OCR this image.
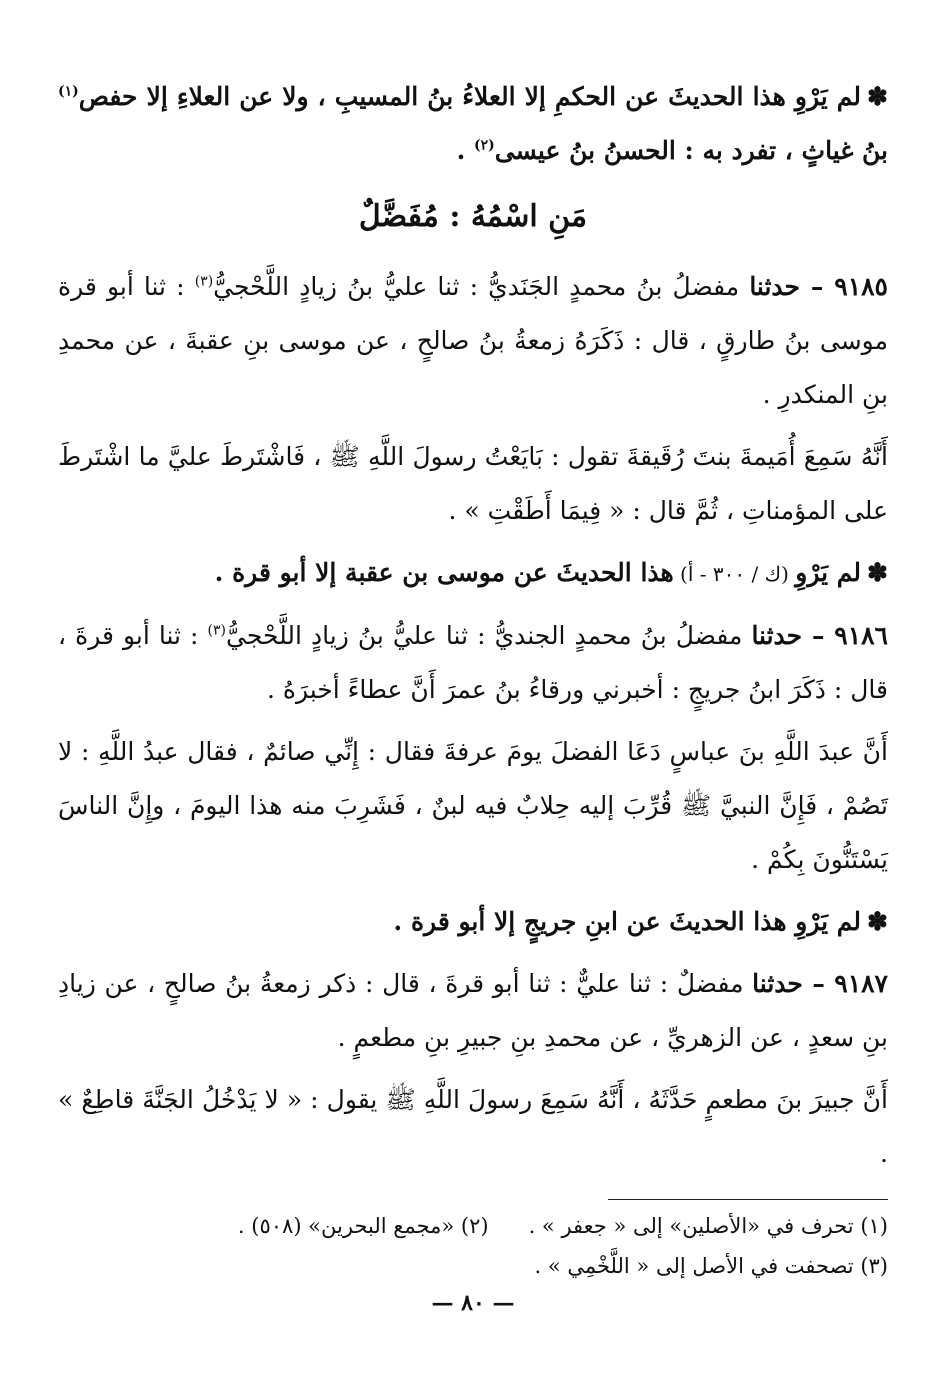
✽لم يَرْوِ هذا الحديثَ عن الحكمِ إلا العلاءُ بنُ المسيبِ ، ولا عن العلاءِ إلا حفص$^{(١)}$ بنُ غياثٍ ، تفرد به : الحسنُ بنُ عيسى$^{(٢)}$ .

مَنِ اسْمُهُ : مُفَضَّلٌ

٩١٨٥ – حدثنا مفضلُ بنُ محمدٍ الجَنَديُّ : ثنا عليُّ بنُ زيادٍ اللَّحْجيُّ$^{(٣)}$ : ثنا أبو قرة موسى بنُ طارقٍ ، قال : ذَكَرَهُ زمعةُ بنُ صالحٍ ، عن موسى بنِ عقبةَ ، عن محمدِ بنِ المنكدرِ .

أَنَّهُ سَمِعَ أُمَيمةَ بنتَ رُقَيقةَ تقول : بَايَعْتُ رسولَ اللَّهِ ﷺ ، فَاشْتَرطَ عليَّ ما اشْتَرطَ على المؤمناتِ ، ثُمَّ قال : « فِيمَا أَطَقْتِ » .

✽لم يَرْوِ (ك / ٣٠٠ - أ) هذا الحديثَ عن موسى بن عقبة إلا أبو قرة .

٩١٨٦ – حدثنا مفضلُ بنُ محمدٍ الجنديُّ : ثنا عليُّ بنُ زيادٍ اللَّحْجيُّ$^{(٣)}$ : ثنا أبو قرةَ ، قال : ذَكَرَ ابنُ جريجٍ : أخبرني ورقاءُ بنُ عمرَ أَنَّ عطاءً أخبرَهُ .

أَنَّ عبدَ اللَّهِ بنَ عباسٍ دَعَا الفضلَ يومَ عرفةَ فقال : إِنِّي صائمٌ ، فقال عبدُ اللَّهِ : لا تَصُمْ ، فَإِنَّ النبيَّ ﷺ قُرِّبَ إليه حِلابٌ فيه لبنٌ ، فَشَرِبَ منه هذا اليومَ ، وإِنَّ الناسَ يَسْتَنُّونَ بِكُمْ .

✽لم يَرْوِ هذا الحديثَ عن ابنِ جريجٍ إلا أبو قرة .

٩١٨٧ – حدثنا مفضلٌ : ثنا عليٌّ : ثنا أبو قرةَ ، قال : ذكر زمعةُ بنُ صالحٍ ، عن زيادِ بنِ سعدٍ ، عن الزهريِّ ، عن محمدِ بنِ جبيرِ بنِ مطعمٍ .

أَنَّ جبيرَ بنَ مطعمٍ حَدَّثَهُ ، أَنَّهُ سَمِعَ رسولَ اللَّهِ ﷺ يقول : « لا يَدْخُلُ الجَنَّةَ قاطِعٌ » .

(١) تحرف في «الأصلين» إلى « جعفر » .
(٢) «مجمع البحرين» (٥٠٨) .
(٣) تصحفت في الأصل إلى « اللَّخْمِي » .
— ٨٠ —
